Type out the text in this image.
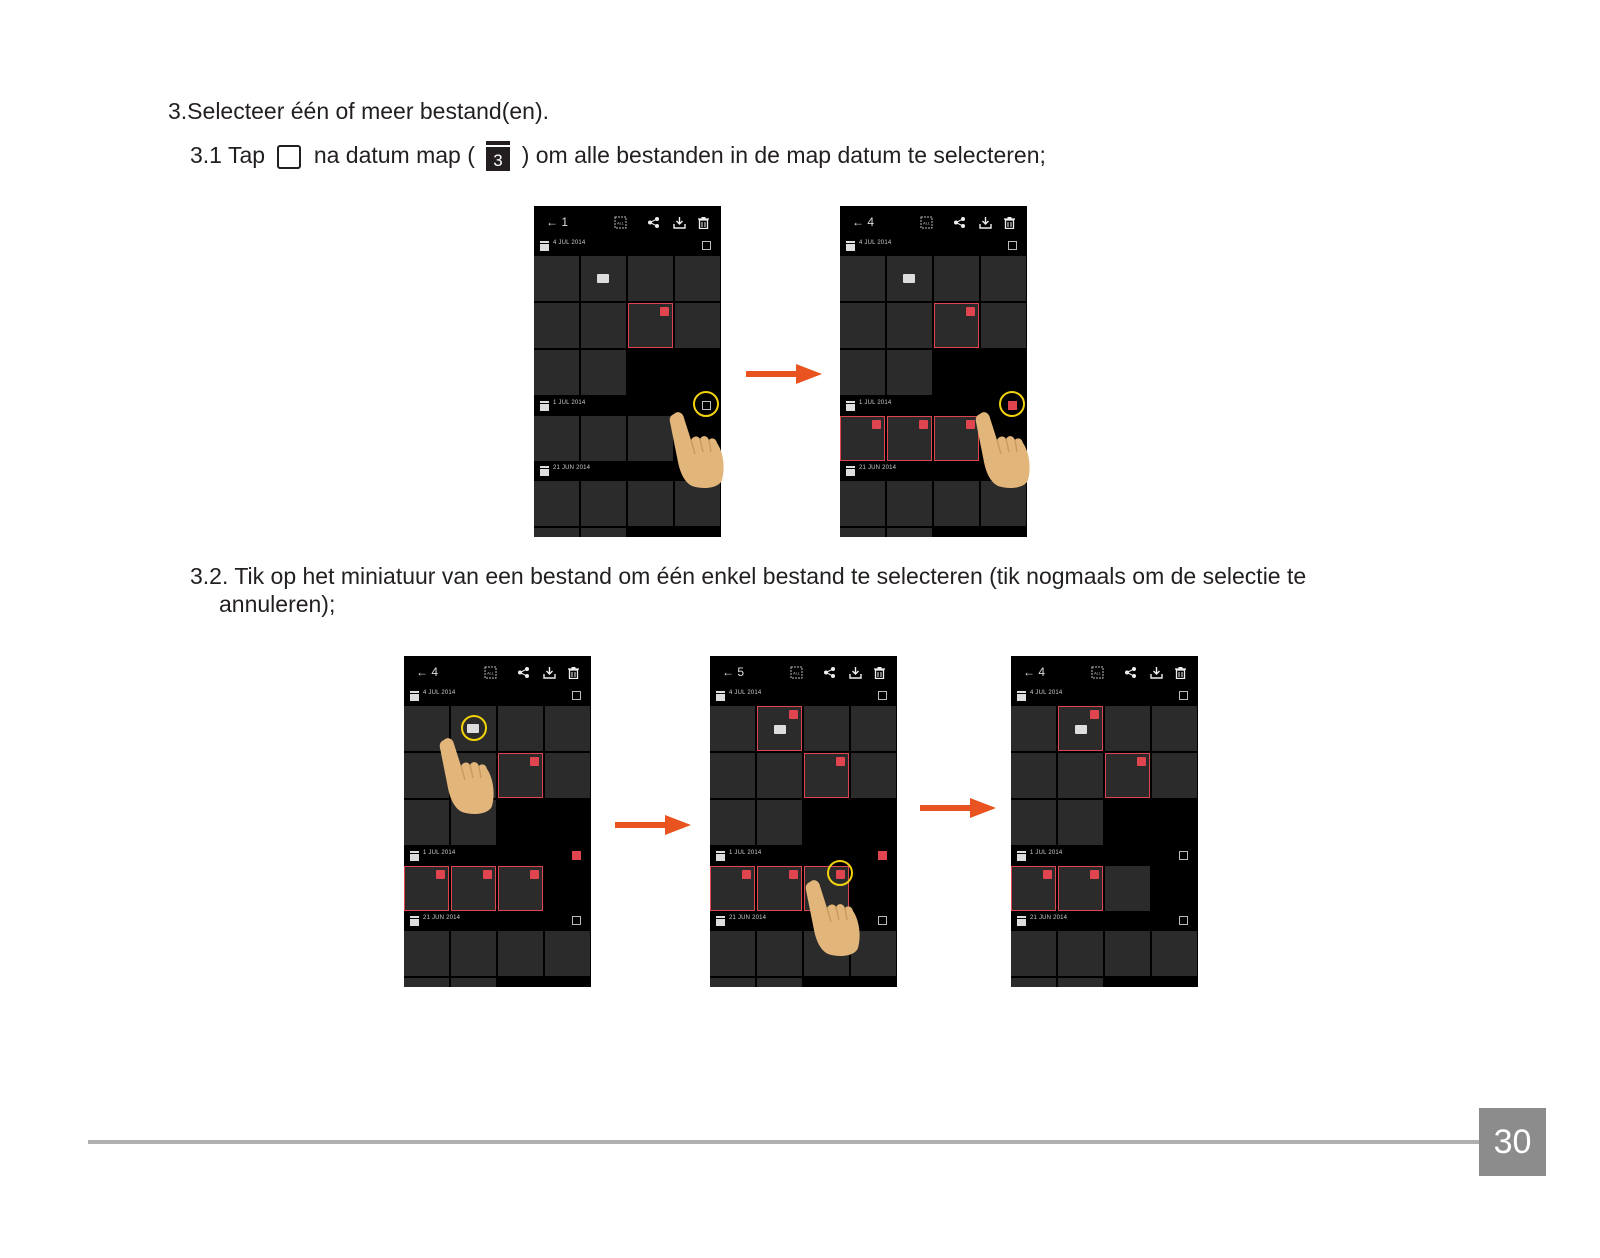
3.Selecteer één of meer bestand(en).
3.1 Tap na datum map ( 3 ) om alle bestanden in de map datum te selecteren;
3.2. Tik op het miniatuur van een bestand om één enkel bestand te selecteren (tik nogmaals om de selectie te
annuleren);
← 1	ALL
4 JUL 2014
1 JUL 2014
21 JUN 2014
← 4	ALL
4 JUL 2014
1 JUL 2014
21 JUN 2014
← 4	ALL
4 JUL 2014
1 JUL 2014
21 JUN 2014
← 5	ALL
4 JUL 2014
1 JUL 2014
21 JUN 2014
← 4	ALL
4 JUL 2014
1 JUL 2014
21 JUN 2014
30
